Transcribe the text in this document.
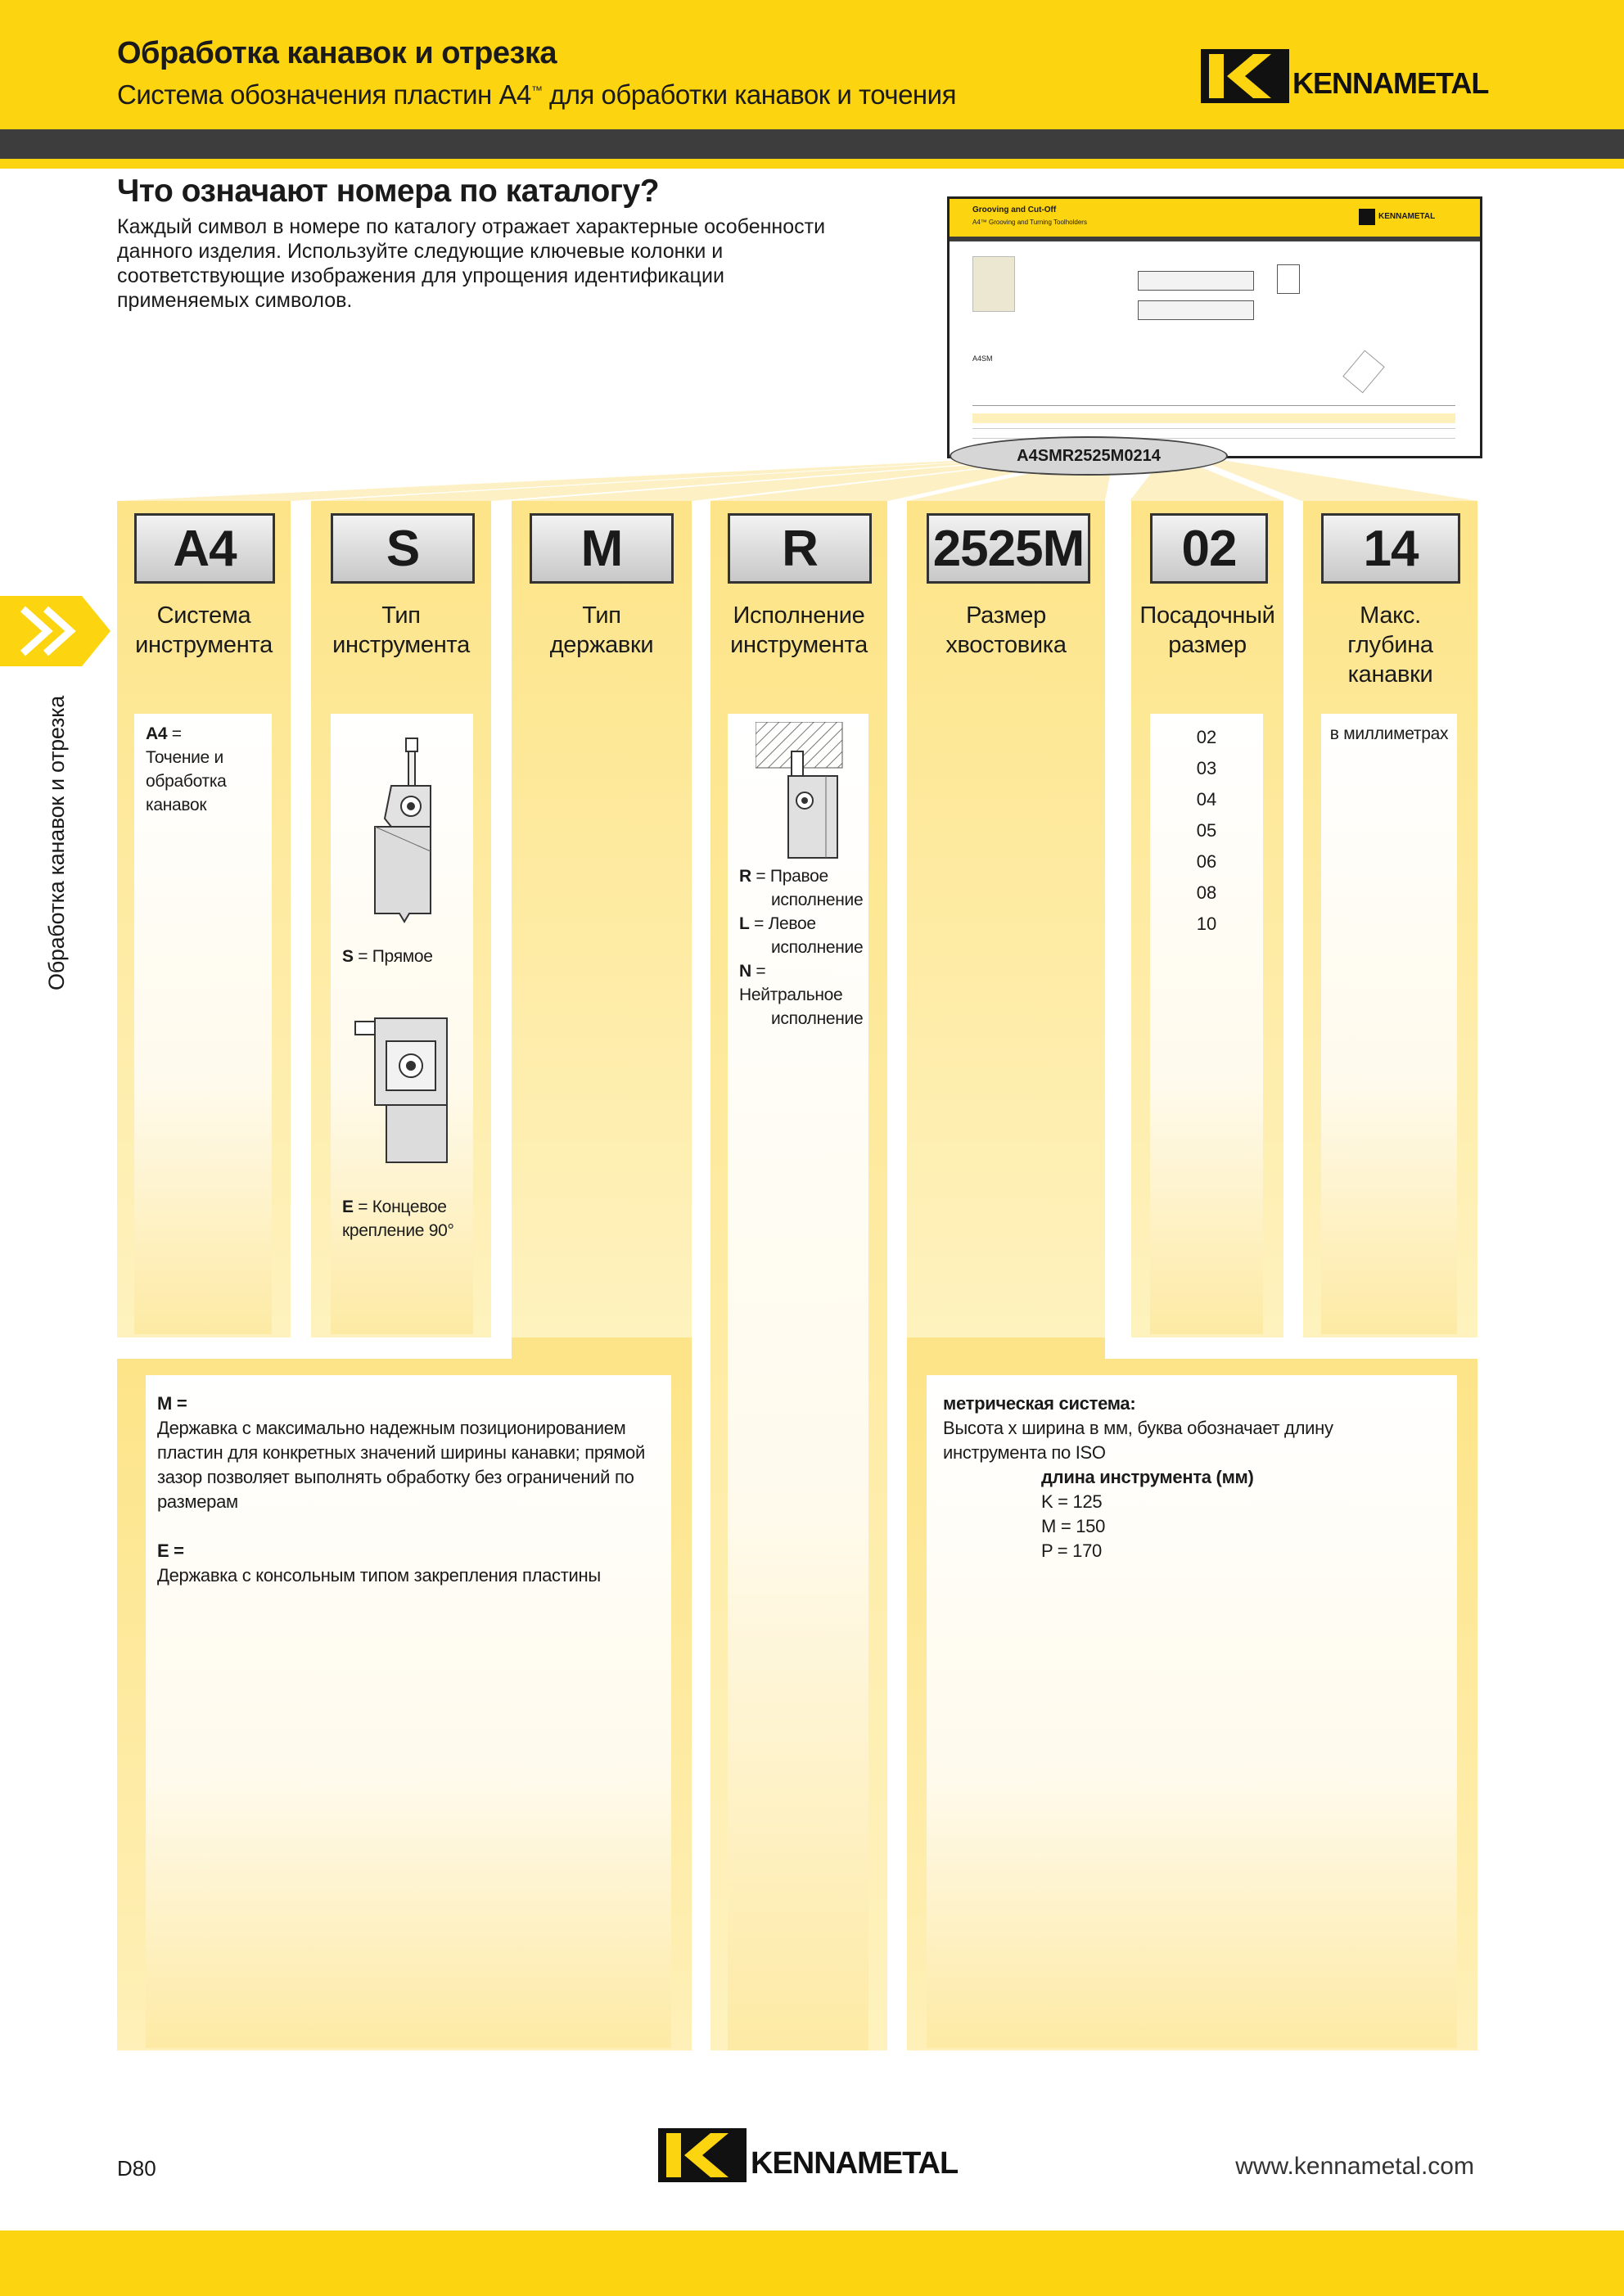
Обработка канавок и отрезка
Система обозначения пластин A4™ для обработки канавок и точения	KENNAMETAL
Обработка канавок и отрезка
Что означают номера по каталогу?
Каждый символ в номере по каталогу отражает характерные особенности данного изделия. Используйте следующие ключевые колонки и соответствующие изображения для упрощения идентификации применяемых символов.
Grooving and Cut-Off
A4™ Grooving and Turning Toolholders
KENNAMETAL
A4SM
A4SMR2525M0214
A4	S	M	R	2525M	02	14
Система
инструмента
Тип
инструмента
Тип
державки
Исполнение
инструмента
Размер
хвостовика
Посадочный
размер
Макс.
глубина
канавки
A4 =
Точение и обработка канавок
S = Прямое
E = Концевое крепление 90°
R = Правое
исполнение
L = Левое
исполнение
N = Нейтральное
исполнение
02
03
04
05
06
08
10
в миллиметрах
M =
Державка с максимально надежным позиционированием пластин для конкретных значений ширины канавки; прямой зазор позволяет выполнять обработку без ограничений по размерам
E =
Державка с консольным типом закрепления пластины
метрическая система:
Высота x ширина в мм, буква обозначает длину инструмента по ISO
длина инструмента (мм)
K = 125
M = 150
P = 170
D80	KENNAMETAL	www.kennametal.com
